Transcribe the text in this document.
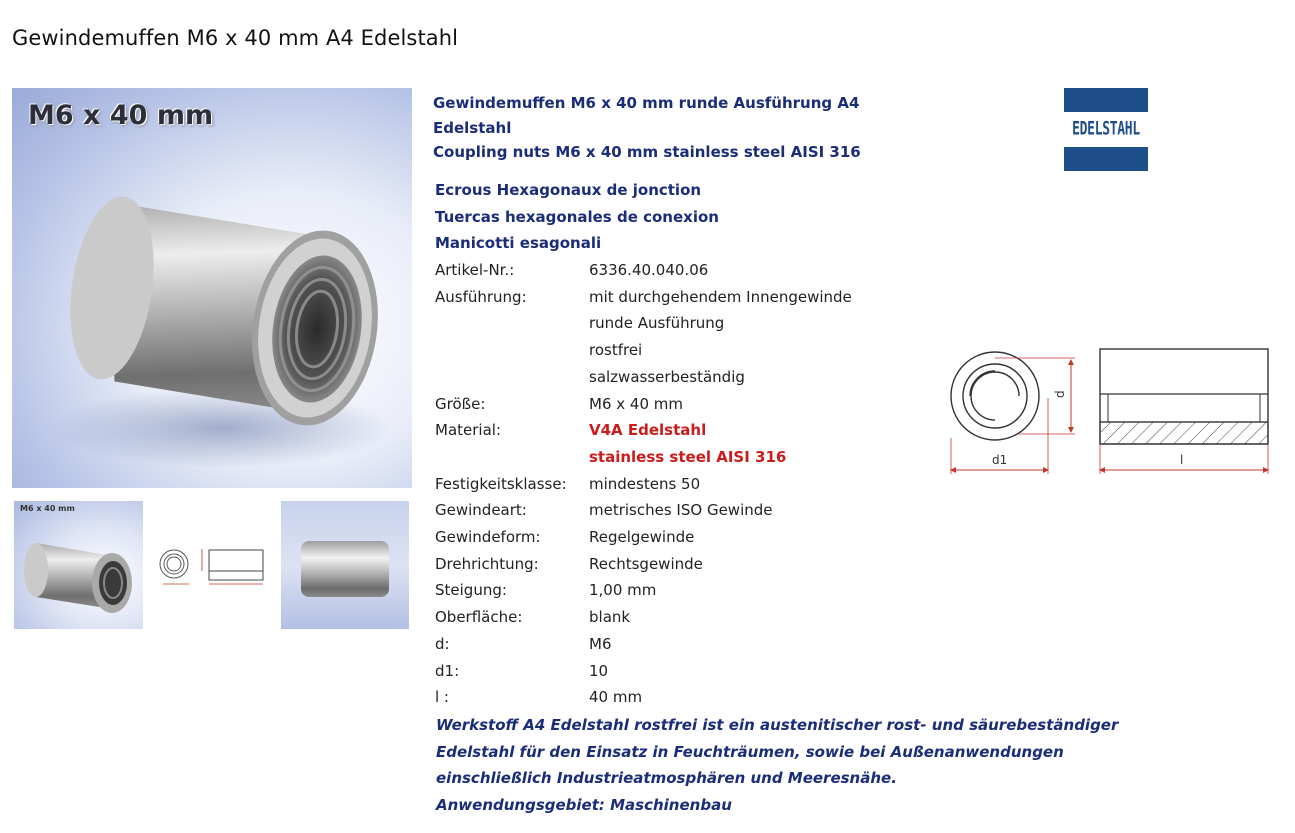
Gewindemuffen M6 x 40 mm A4 Edelstahl
M6 x 40 mm
M6 x 40 mm
Gewindemuffen M6 x 40 mm runde Ausführung A4 Edelstahl
Coupling nuts M6 x 40 mm stainless steel AISI 316
EDELSTAHL
Ecrous Hexagonaux de jonction
Tuercas hexagonales de conexion
Manicotti esagonali
Artikel-Nr.:	6336.40.040.06
Ausführung:	mit durchgehendem Innengewinde
runde Ausführung
rostfrei
salzwasserbeständig
Größe:	M6 x 40 mm
Material:	V4A Edelstahl
stainless steel AISI 316
Festigkeitsklasse:	mindestens 50
Gewindeart:	metrisches ISO Gewinde
Gewindeform:	Regelgewinde
Drehrichtung:	Rechtsgewinde
Steigung:	1,00 mm
Oberfläche:	blank
d:	M6
d1:	10
l :	40 mm
d1
d
l
Werkstoff A4 Edelstahl rostfrei ist ein austenitischer rost- und säurebeständiger
Edelstahl für den Einsatz in Feuchträumen, sowie bei Außenanwendungen
einschließlich Industrieatmosphären und Meeresnähe.
Anwendungsgebiet: Maschinenbau
